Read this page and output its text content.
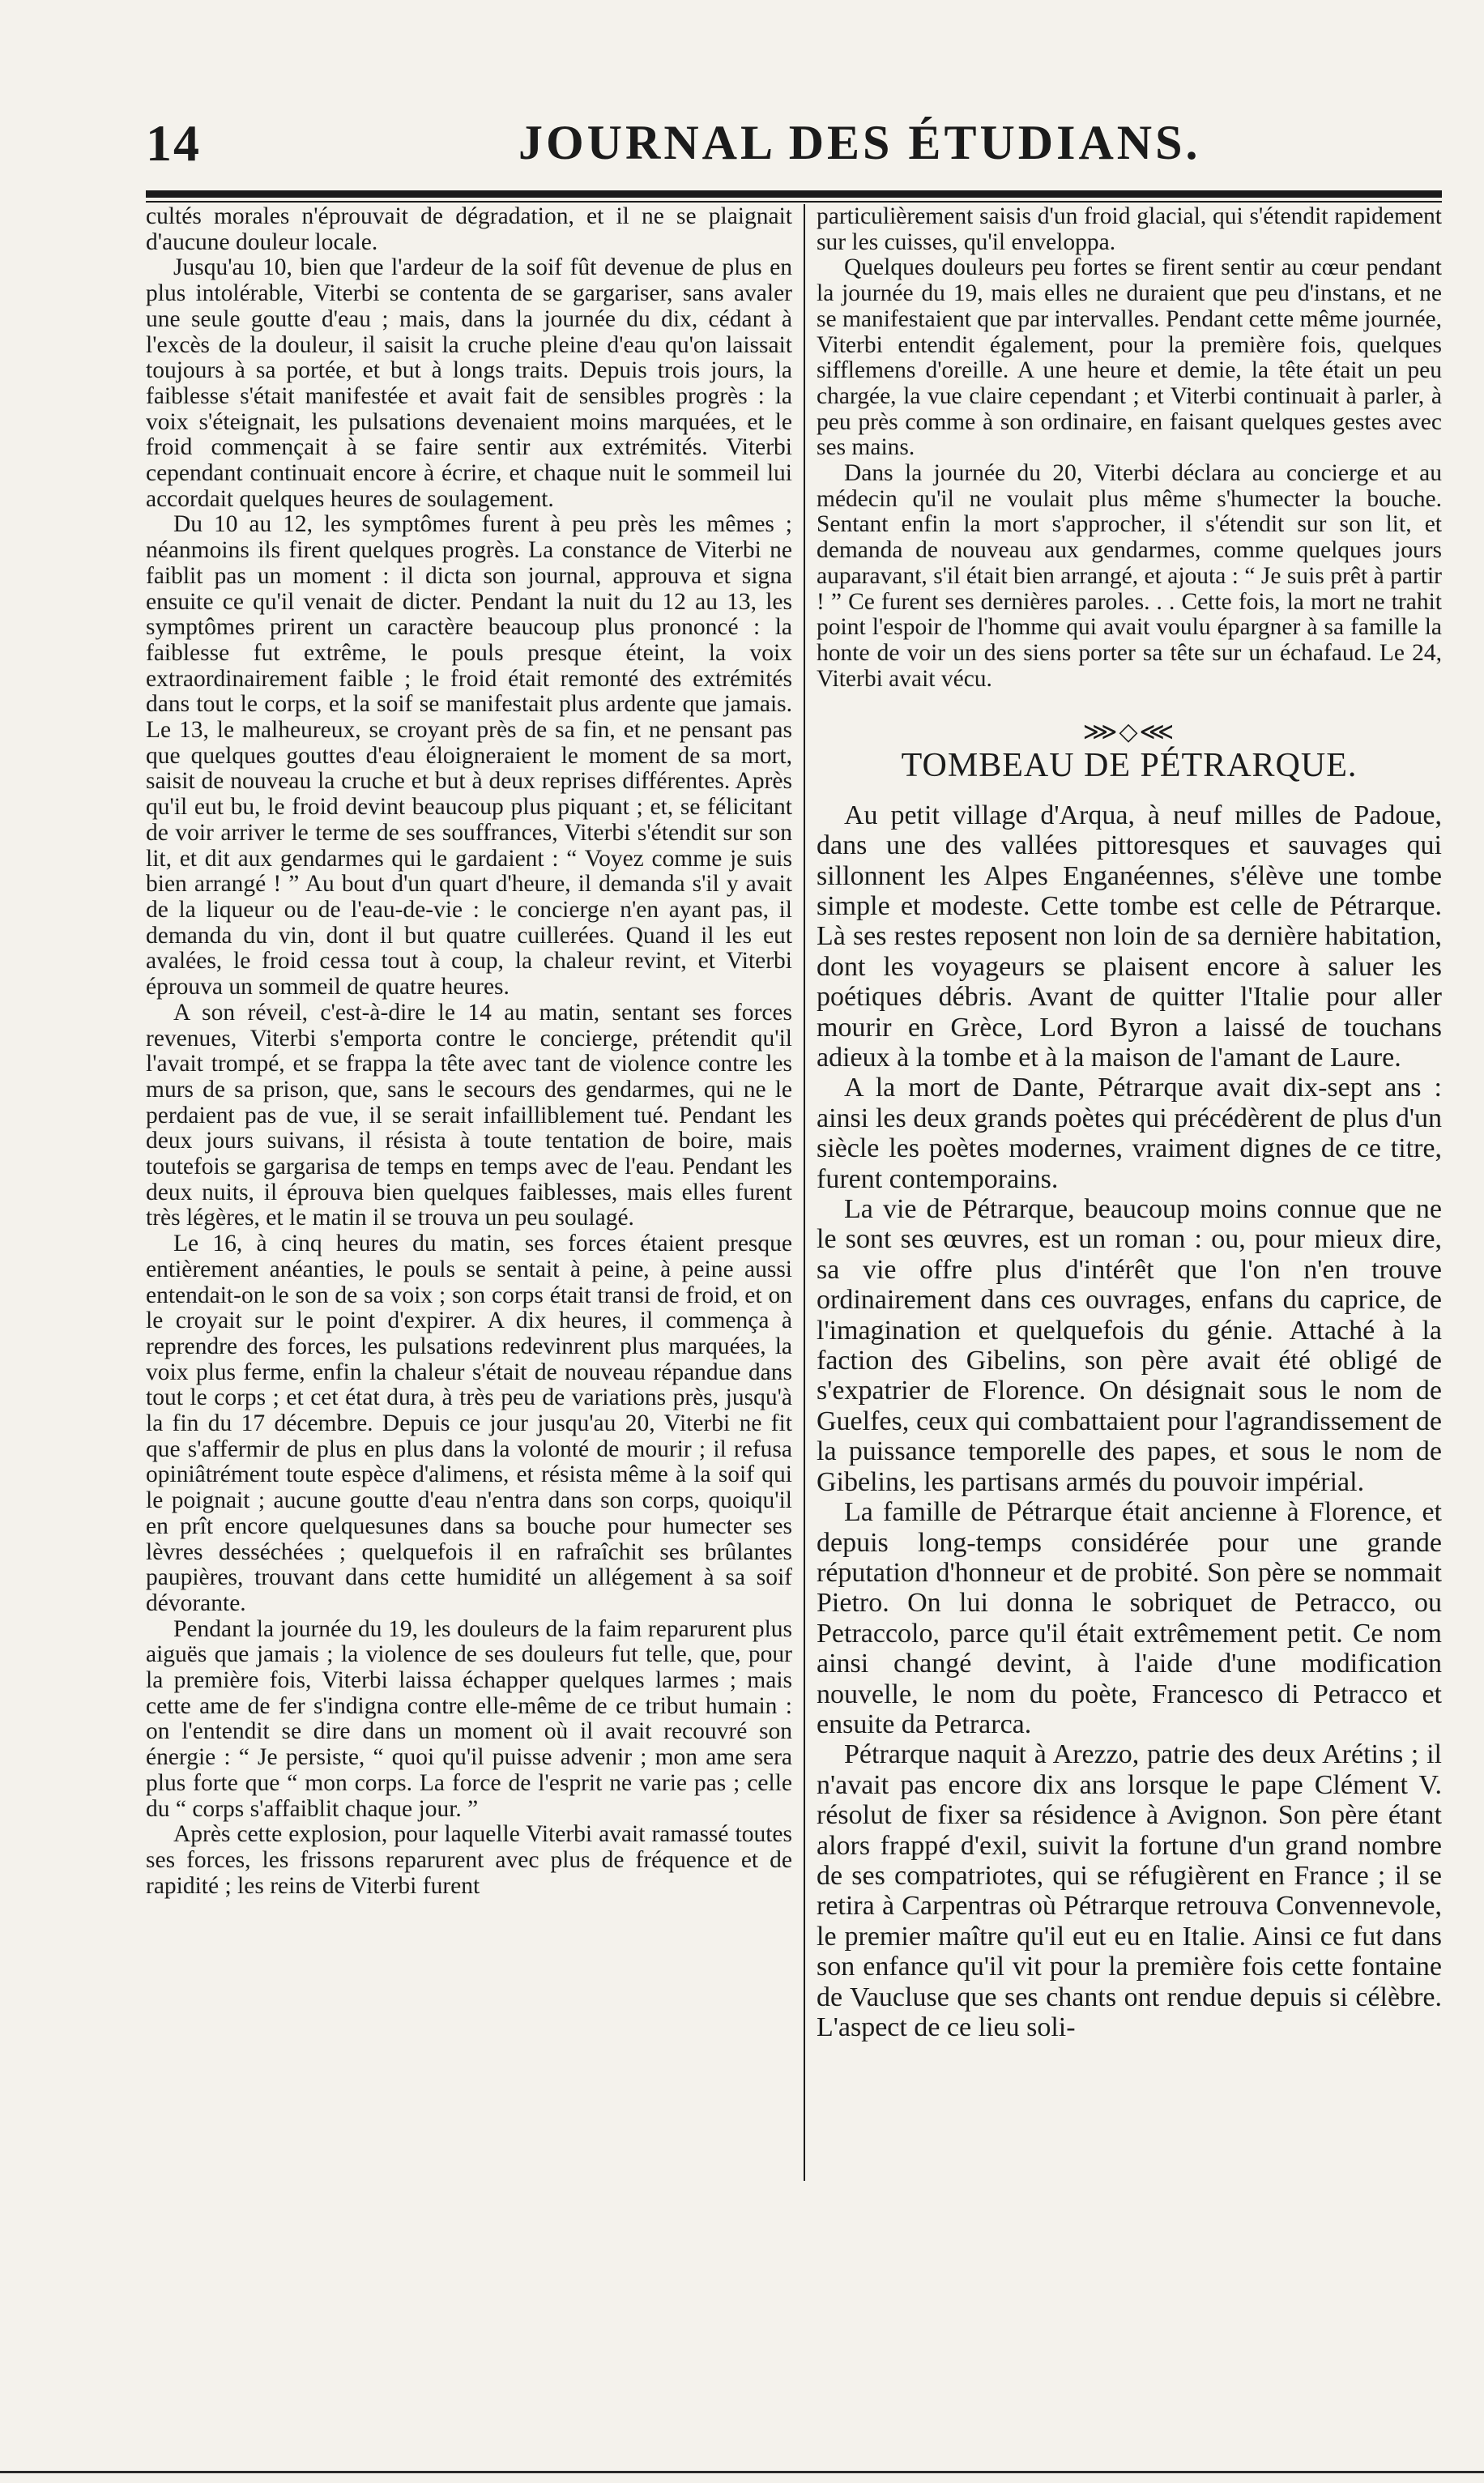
14	JOURNAL DES ÉTUDIANS.

cultés morales n'éprouvait de dégradation, et il ne se plaignait d'aucune douleur locale.

Jusqu'au 10, bien que l'ardeur de la soif fût devenue de plus en plus intolérable, Viterbi se contenta de se gargariser, sans avaler une seule goutte d'eau ; mais, dans la journée du dix, cédant à l'excès de la douleur, il saisit la cruche pleine d'eau qu'on laissait toujours à sa portée, et but à longs traits. Depuis trois jours, la faiblesse s'était manifestée et avait fait de sensibles progrès : la voix s'éteignait, les pulsations devenaient moins marquées, et le froid commençait à se faire sentir aux extrémités. Viterbi cependant continuait encore à écrire, et chaque nuit le sommeil lui accordait quelques heures de soulagement.

Du 10 au 12, les symptômes furent à peu près les mêmes ; néanmoins ils firent quelques progrès. La constance de Viterbi ne faiblit pas un moment : il dicta son journal, approuva et signa ensuite ce qu'il venait de dicter. Pendant la nuit du 12 au 13, les symptômes prirent un caractère beaucoup plus prononcé : la faiblesse fut extrême, le pouls presque éteint, la voix extraordinairement faible ; le froid était remonté des extrémités dans tout le corps, et la soif se manifestait plus ardente que jamais. Le 13, le malheureux, se croyant près de sa fin, et ne pensant pas que quelques gouttes d'eau éloigneraient le moment de sa mort, saisit de nouveau la cruche et but à deux reprises différentes. Après qu'il eut bu, le froid devint beaucoup plus piquant ; et, se félicitant de voir arriver le terme de ses souffrances, Viterbi s'étendit sur son lit, et dit aux gendarmes qui le gardaient : “ Voyez comme je suis bien arrangé ! ” Au bout d'un quart d'heure, il demanda s'il y avait de la liqueur ou de l'eau-de-vie : le concierge n'en ayant pas, il demanda du vin, dont il but quatre cuillerées. Quand il les eut avalées, le froid cessa tout à coup, la chaleur revint, et Viterbi éprouva un sommeil de quatre heures.

A son réveil, c'est-à-dire le 14 au matin, sentant ses forces revenues, Viterbi s'emporta contre le concierge, prétendit qu'il l'avait trompé, et se frappa la tête avec tant de violence contre les murs de sa prison, que, sans le secours des gendarmes, qui ne le perdaient pas de vue, il se serait infailliblement tué. Pendant les deux jours suivans, il résista à toute tentation de boire, mais toutefois se gargarisa de temps en temps avec de l'eau. Pendant les deux nuits, il éprouva bien quelques faiblesses, mais elles furent très légères, et le matin il se trouva un peu soulagé.

Le 16, à cinq heures du matin, ses forces étaient presque entièrement anéanties, le pouls se sentait à peine, à peine aussi entendait-on le son de sa voix ; son corps était transi de froid, et on le croyait sur le point d'expirer. A dix heures, il commença à reprendre des forces, les pulsations redevinrent plus marquées, la voix plus ferme, enfin la chaleur s'était de nouveau répandue dans tout le corps ; et cet état dura, à très peu de variations près, jusqu'à la fin du 17 décembre. Depuis ce jour jusqu'au 20, Viterbi ne fit que s'affermir de plus en plus dans la volonté de mourir ; il refusa opiniâtrément toute espèce d'alimens, et résista même à la soif qui le poignait ; aucune goutte d'eau n'entra dans son corps, quoiqu'il en prît encore quelquesunes dans sa bouche pour humecter ses lèvres desséchées ; quelquefois il en rafraîchit ses brûlantes paupières, trouvant dans cette humidité un allégement à sa soif dévorante.

Pendant la journée du 19, les douleurs de la faim reparurent plus aiguës que jamais ; la violence de ses douleurs fut telle, que, pour la première fois, Viterbi laissa échapper quelques larmes ; mais cette ame de fer s'indigna contre elle-même de ce tribut humain : on l'entendit se dire dans un moment où il avait recouvré son énergie : “ Je persiste, “ quoi qu'il puisse advenir ; mon ame sera plus forte que “ mon corps. La force de l'esprit ne varie pas ; celle du “ corps s'affaiblit chaque jour. ”

Après cette explosion, pour laquelle Viterbi avait ramassé toutes ses forces, les frissons reparurent avec plus de fréquence et de rapidité ; les reins de Viterbi furent

particulièrement saisis d'un froid glacial, qui s'étendit rapidement sur les cuisses, qu'il enveloppa.

Quelques douleurs peu fortes se firent sentir au cœur pendant la journée du 19, mais elles ne duraient que peu d'instans, et ne se manifestaient que par intervalles. Pendant cette même journée, Viterbi entendit également, pour la première fois, quelques sifflemens d'oreille. A une heure et demie, la tête était un peu chargée, la vue claire cependant ; et Viterbi continuait à parler, à peu près comme à son ordinaire, en faisant quelques gestes avec ses mains.

Dans la journée du 20, Viterbi déclara au concierge et au médecin qu'il ne voulait plus même s'humecter la bouche. Sentant enfin la mort s'approcher, il s'étendit sur son lit, et demanda de nouveau aux gendarmes, comme quelques jours auparavant, s'il était bien arrangé, et ajouta : “ Je suis prêt à partir ! ” Ce furent ses dernières paroles. . . Cette fois, la mort ne trahit point l'espoir de l'homme qui avait voulu épargner à sa famille la honte de voir un des siens porter sa tête sur un échafaud. Le 24, Viterbi avait vécu.

⋙◇⋘
TOMBEAU DE PÉTRARQUE.

Au petit village d'Arqua, à neuf milles de Padoue, dans une des vallées pittoresques et sauvages qui sillonnent les Alpes Enganéennes, s'élève une tombe simple et modeste. Cette tombe est celle de Pétrarque. Là ses restes reposent non loin de sa dernière habitation, dont les voyageurs se plaisent encore à saluer les poétiques débris. Avant de quitter l'Italie pour aller mourir en Grèce, Lord Byron a laissé de touchans adieux à la tombe et à la maison de l'amant de Laure.

A la mort de Dante, Pétrarque avait dix-sept ans : ainsi les deux grands poètes qui précédèrent de plus d'un siècle les poètes modernes, vraiment dignes de ce titre, furent contemporains.

La vie de Pétrarque, beaucoup moins connue que ne le sont ses œuvres, est un roman : ou, pour mieux dire, sa vie offre plus d'intérêt que l'on n'en trouve ordinairement dans ces ouvrages, enfans du caprice, de l'imagination et quelquefois du génie. Attaché à la faction des Gibelins, son père avait été obligé de s'expatrier de Florence. On désignait sous le nom de Guelfes, ceux qui combattaient pour l'agrandissement de la puissance temporelle des papes, et sous le nom de Gibelins, les partisans armés du pouvoir impérial.

La famille de Pétrarque était ancienne à Florence, et depuis long-temps considérée pour une grande réputation d'honneur et de probité. Son père se nommait Pietro. On lui donna le sobriquet de Petracco, ou Petraccolo, parce qu'il était extrêmement petit. Ce nom ainsi changé devint, à l'aide d'une modification nouvelle, le nom du poète, Francesco di Petracco et ensuite da Petrarca.

Pétrarque naquit à Arezzo, patrie des deux Arétins ; il n'avait pas encore dix ans lorsque le pape Clément V. résolut de fixer sa résidence à Avignon. Son père étant alors frappé d'exil, suivit la fortune d'un grand nombre de ses compatriotes, qui se réfugièrent en France ; il se retira à Carpentras où Pétrarque retrouva Convennevole, le premier maître qu'il eut eu en Italie. Ainsi ce fut dans son enfance qu'il vit pour la première fois cette fontaine de Vaucluse que ses chants ont rendue depuis si célèbre. L'aspect de ce lieu soli-
